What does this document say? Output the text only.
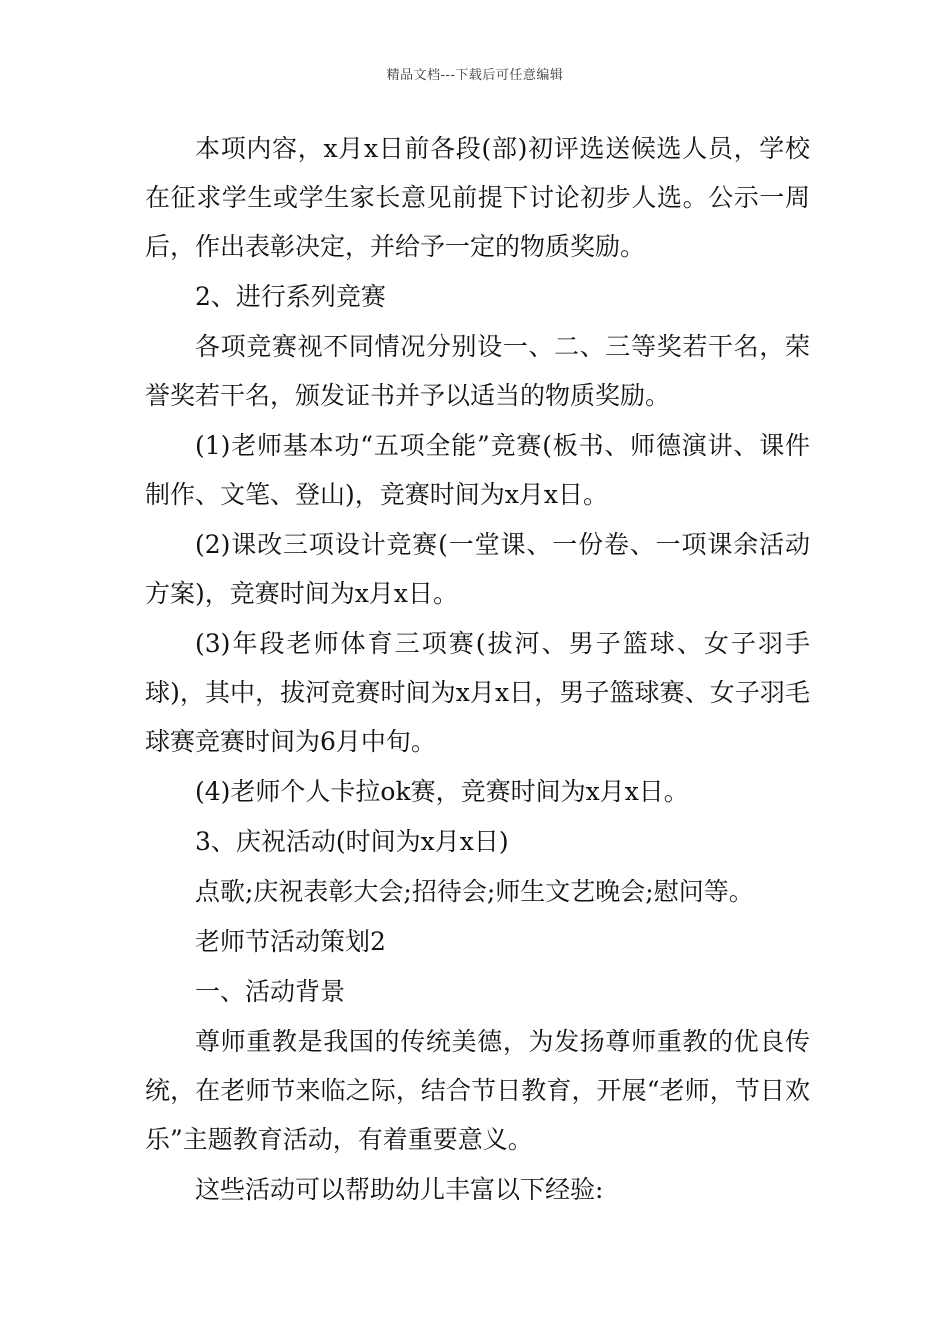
精品文档---下载后可任意编辑

本项内容，x月x日前各段(部)初评选送候选人员，学校在征求学生或学生家长意见前提下讨论初步人选。公示一周后，作出表彰决定，并给予一定的物质奖励。

2、进行系列竞赛

各项竞赛视不同情况分别设一、二、三等奖若干名，荣誉奖若干名，颁发证书并予以适当的物质奖励。

(1)老师基本功“五项全能”竞赛(板书、师德演讲、课件制作、文笔、登山)，竞赛时间为x月x日。

(2)课改三项设计竞赛(一堂课、一份卷、一项课余活动方案)，竞赛时间为x月x日。

(3)年段老师体育三项赛(拔河、男子篮球、女子羽手球)，其中，拔河竞赛时间为x月x日，男子篮球赛、女子羽毛球赛竞赛时间为6月中旬。

(4)老师个人卡拉ok赛，竞赛时间为x月x日。

3、庆祝活动(时间为x月x日)

点歌;庆祝表彰大会;招待会;师生文艺晚会;慰问等。

老师节活动策划2

一、活动背景

尊师重教是我国的传统美德，为发扬尊师重教的优良传统，在老师节来临之际，结合节日教育，开展“老师，节日欢乐”主题教育活动，有着重要意义。

这些活动可以帮助幼儿丰富以下经验:
